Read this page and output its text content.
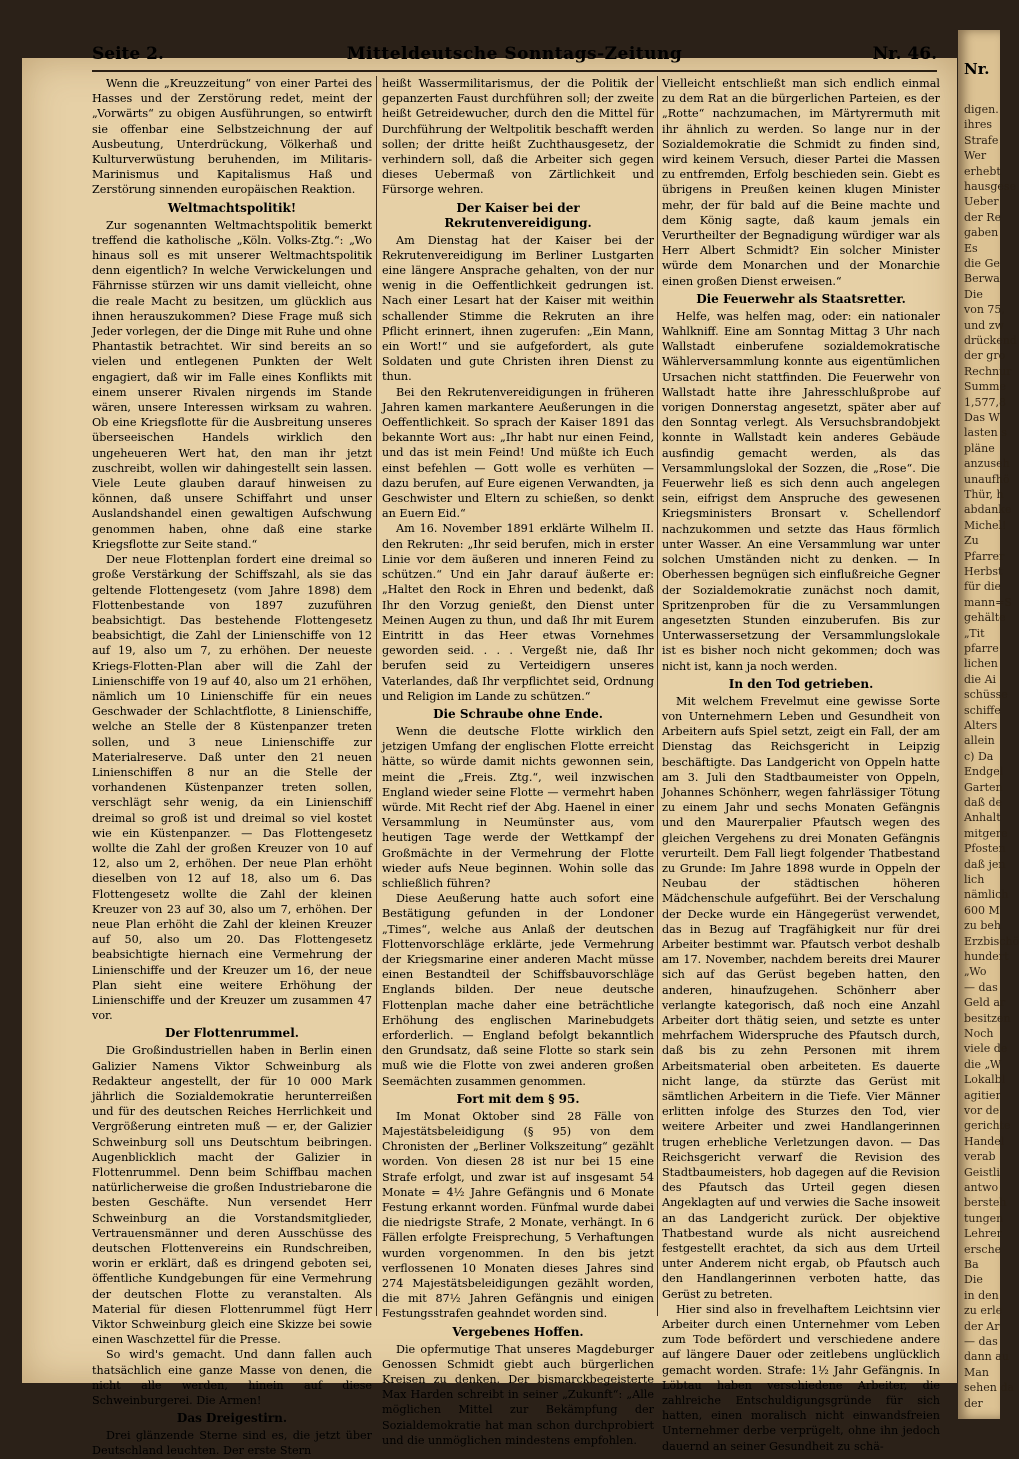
Nr.
digen.
ihres
Strafe
Wer
erhebt
hausgese
Ueber
der Re
gaben
Es
die Ge
Berwa
Die
von 75,
und zw
drückend
der gro
Rechnur
Summe
1,577,8
Das W
lasten s
pläne
anzuseh
unaufhö
Thür, h
abdanke
Michel!
Zu
Pfarrer
Herbst
für die
mann=S
gehälte
„Tit
pfarre
lichen
die Ai
schüsse
schiffe
Alters
allein
c) Da
Endgel
Garten
daß de
Anhalt
mitgere
Pfosten
daß jen
lich
nämlich
600 M
zu beh
Erzbischö
hundert
„Wo
— das
Geld ar
besitzen
Noch
viele de
die „W
Lokalbl
agitier
vor de
gerichte
Handel
verab
Geistli
antwo
bersteh
tungen
Lehrer
ersche
Ba
Die
in den
zu erle
der Ar
— das
dann au
Man
sehen da
der
Seite 2.	Mitteldeutsche Sonntags-Zeitung	Nr. 46.

Wenn die „Kreuzzeitung“ von einer Partei des Hasses und der Zerstörung redet, meint der „Vorwärts“ zu obigen Ausführungen, so entwirft sie offenbar eine Selbstzeichnung der auf Ausbeutung, Unterdrückung, Völkerhaß und Kulturverwüstung beruhenden, im Militaris- Marinismus und Kapitalismus Haß und Zerstörung sinnenden europäischen Reaktion.

Weltmachtspolitik!

Zur sogenannten Weltmachtspolitik bemerkt treffend die katholische „Köln. Volks-Ztg.“: „Wo hinaus soll es mit unserer Weltmachtspolitik denn eigentlich? In welche Verwickelungen und Fährnisse stürzen wir uns damit vielleicht, ohne die reale Macht zu besitzen, um glücklich aus ihnen herauszukommen? Diese Frage muß sich Jeder vorlegen, der die Dinge mit Ruhe und ohne Phantastik betrachtet. Wir sind bereits an so vielen und entlegenen Punkten der Welt engagiert, daß wir im Falle eines Konflikts mit einem unserer Rivalen nirgends im Stande wären, unsere Interessen wirksam zu wahren. Ob eine Kriegsflotte für die Ausbreitung unseres überseeischen Handels wirklich den ungeheueren Wert hat, den man ihr jetzt zuschreibt, wollen wir dahingestellt sein lassen. Viele Leute glauben darauf hinweisen zu können, daß unsere Schiffahrt und unser Auslandshandel einen gewaltigen Aufschwung genommen haben, ohne daß eine starke Kriegsflotte zur Seite stand.“

Der neue Flottenplan fordert eine dreimal so große Verstärkung der Schiffszahl, als sie das geltende Flottengesetz (vom Jahre 1898) dem Flottenbestande von 1897 zuzuführen beabsichtigt. Das bestehende Flottengesetz beabsichtigt, die Zahl der Linienschiffe von 12 auf 19, also um 7, zu erhöhen. Der neueste Kriegs-Flotten-Plan aber will die Zahl der Linienschiffe von 19 auf 40, also um 21 erhöhen, nämlich um 10 Linienschiffe für ein neues Geschwader der Schlachtflotte, 8 Linienschiffe, welche an Stelle der 8 Küstenpanzer treten sollen, und 3 neue Linienschiffe zur Materialreserve. Daß unter den 21 neuen Linienschiffen 8 nur an die Stelle der vorhandenen Küstenpanzer treten sollen, verschlägt sehr wenig, da ein Linienschiff dreimal so groß ist und dreimal so viel kostet wie ein Küstenpanzer. — Das Flottengesetz wollte die Zahl der großen Kreuzer von 10 auf 12, also um 2, erhöhen. Der neue Plan erhöht dieselben von 12 auf 18, also um 6. Das Flottengesetz wollte die Zahl der kleinen Kreuzer von 23 auf 30, also um 7, erhöhen. Der neue Plan erhöht die Zahl der kleinen Kreuzer auf 50, also um 20. Das Flottengesetz beabsichtigte hiernach eine Vermehrung der Linienschiffe und der Kreuzer um 16, der neue Plan sieht eine weitere Erhöhung der Linienschiffe und der Kreuzer um zusammen 47 vor.

Der Flottenrummel.

Die Großindustriellen haben in Berlin einen Galizier Namens Viktor Schweinburg als Redakteur angestellt, der für 10 000 Mark jährlich die Sozialdemokratie herunterreißen und für des deutschen Reiches Herrlichkeit und Vergrößerung eintreten muß — er, der Galizier Schweinburg soll uns Deutschtum beibringen. Augenblicklich macht der Galizier in Flottenrummel. Denn beim Schiffbau machen natürlicherweise die großen Industriebarone die besten Geschäfte. Nun versendet Herr Schweinburg an die Vorstandsmitglieder, Vertrauensmänner und deren Ausschüsse des deutschen Flottenvereins ein Rundschreiben, worin er erklärt, daß es dringend geboten sei, öffentliche Kundgebungen für eine Vermehrung der deutschen Flotte zu veranstalten. Als Material für diesen Flottenrummel fügt Herr Viktor Schweinburg gleich eine Skizze bei sowie einen Waschzettel für die Presse.

So wird's gemacht. Und dann fallen auch thatsächlich eine ganze Masse von denen, die nicht alle werden, hinein auf diese Schweinburgerei. Die Armen!

Das Dreigestirn.

Drei glänzende Sterne sind es, die jetzt über Deutschland leuchten. Der erste Stern

heißt Wassermilitarismus, der die Politik der gepanzerten Faust durchführen soll; der zweite heißt Getreidewucher, durch den die Mittel für Durchführung der Weltpolitik beschafft werden sollen; der dritte heißt Zuchthausgesetz, der verhindern soll, daß die Arbeiter sich gegen dieses Uebermaß von Zärtlichkeit und Fürsorge wehren.

Der Kaiser bei der Rekrutenvereidigung.

Am Dienstag hat der Kaiser bei der Rekrutenvereidigung im Berliner Lustgarten eine längere Ansprache gehalten, von der nur wenig in die Oeffentlichkeit gedrungen ist. Nach einer Lesart hat der Kaiser mit weithin schallender Stimme die Rekruten an ihre Pflicht erinnert, ihnen zugerufen: „Ein Mann, ein Wort!“ und sie aufgefordert, als gute Soldaten und gute Christen ihren Dienst zu thun.

Bei den Rekrutenvereidigungen in früheren Jahren kamen markantere Aeußerungen in die Oeffentlichkeit. So sprach der Kaiser 1891 das bekannte Wort aus: „Ihr habt nur einen Feind, und das ist mein Feind! Und müßte ich Euch einst befehlen — Gott wolle es verhüten — dazu berufen, auf Eure eigenen Verwandten, ja Geschwister und Eltern zu schießen, so denkt an Euern Eid.“

Am 16. November 1891 erklärte Wilhelm II. den Rekruten: „Ihr seid berufen, mich in erster Linie vor dem äußeren und inneren Feind zu schützen.“ Und ein Jahr darauf äußerte er: „Haltet den Rock in Ehren und bedenkt, daß Ihr den Vorzug genießt, den Dienst unter Meinen Augen zu thun, und daß Ihr mit Eurem Eintritt in das Heer etwas Vornehmes geworden seid. . . . Vergeßt nie, daß Ihr berufen seid zu Verteidigern unseres Vaterlandes, daß Ihr verpflichtet seid, Ordnung und Religion im Lande zu schützen.“

Die Schraube ohne Ende.

Wenn die deutsche Flotte wirklich den jetzigen Umfang der englischen Flotte erreicht hätte, so würde damit nichts gewonnen sein, meint die „Freis. Ztg.“, weil inzwischen England wieder seine Flotte — vermehrt haben würde. Mit Recht rief der Abg. Haenel in einer Versammlung in Neumünster aus, vom heutigen Tage werde der Wettkampf der Großmächte in der Vermehrung der Flotte wieder aufs Neue beginnen. Wohin solle das schließlich führen?

Diese Aeußerung hatte auch sofort eine Bestätigung gefunden in der Londoner „Times“, welche aus Anlaß der deutschen Flottenvorschläge erklärte, jede Vermehrung der Kriegsmarine einer anderen Macht müsse einen Bestandteil der Schiffsbauvorschläge Englands bilden. Der neue deutsche Flottenplan mache daher eine beträchtliche Erhöhung des englischen Marinebudgets erforderlich. — England befolgt bekanntlich den Grundsatz, daß seine Flotte so stark sein muß wie die Flotte von zwei anderen großen Seemächten zusammen genommen.

Fort mit dem § 95.

Im Monat Oktober sind 28 Fälle von Majestätsbeleidigung (§ 95) von dem Chronisten der „Berliner Volkszeitung“ gezählt worden. Von diesen 28 ist nur bei 15 eine Strafe erfolgt, und zwar ist auf insgesamt 54 Monate = 4½ Jahre Gefängnis und 6 Monate Festung erkannt worden. Fünfmal wurde dabei die niedrigste Strafe, 2 Monate, verhängt. In 6 Fällen erfolgte Freisprechung, 5 Verhaftungen wurden vorgenommen. In den bis jetzt verflossenen 10 Monaten dieses Jahres sind 274 Majestätsbeleidigungen gezählt worden, die mit 87½ Jahren Gefängnis und einigen Festungsstrafen geahndet worden sind.

Vergebenes Hoffen.

Die opfermutige That unseres Magdeburger Genossen Schmidt giebt auch bürgerlichen Kreisen zu denken. Der bismarckbegeisterte Max Harden schreibt in seiner „Zukunft“: „Alle möglichen Mittel zur Bekämpfung der Sozialdemokratie hat man schon durchprobiert und die unmöglichen mindestens empfohlen.

Vielleicht entschließt man sich endlich einmal zu dem Rat an die bürgerlichen Parteien, es der „Rotte“ nachzumachen, im Märtyrermuth mit ihr ähnlich zu werden. So lange nur in der Sozialdemokratie die Schmidt zu finden sind, wird keinem Versuch, dieser Partei die Massen zu entfremden, Erfolg beschieden sein. Giebt es übrigens in Preußen keinen klugen Minister mehr, der für bald auf die Beine machte und dem König sagte, daß kaum jemals ein Verurtheilter der Begnadigung würdiger war als Herr Albert Schmidt? Ein solcher Minister würde dem Monarchen und der Monarchie einen großen Dienst erweisen.“

Die Feuerwehr als Staatsretter.

Helfe, was helfen mag, oder: ein nationaler Wahlkniff. Eine am Sonntag Mittag 3 Uhr nach Wallstadt einberufene sozialdemokratische Wählerversammlung konnte aus eigentümlichen Ursachen nicht stattfinden. Die Feuerwehr von Wallstadt hatte ihre Jahresschlußprobe auf vorigen Donnerstag angesetzt, später aber auf den Sonntag verlegt. Als Versuchsbrandobjekt konnte in Wallstadt kein anderes Gebäude ausfindig gemacht werden, als das Versammlungslokal der Sozzen, die „Rose“. Die Feuerwehr ließ es sich denn auch angelegen sein, eifrigst dem Anspruche des gewesenen Kriegsministers Bronsart v. Schellendorf nachzukommen und setzte das Haus förmlich unter Wasser. An eine Versammlung war unter solchen Umständen nicht zu denken. — In Oberhessen begnügen sich einflußreiche Gegner der Sozialdemokratie zunächst noch damit, Spritzenproben für die zu Versammlungen angesetzten Stunden einzuberufen. Bis zur Unterwassersetzung der Versammlungslokale ist es bisher noch nicht gekommen; doch was nicht ist, kann ja noch werden.

In den Tod getrieben.

Mit welchem Frevelmut eine gewisse Sorte von Unternehmern Leben und Gesundheit von Arbeitern aufs Spiel setzt, zeigt ein Fall, der am Dienstag das Reichsgericht in Leipzig beschäftigte. Das Landgericht von Oppeln hatte am 3. Juli den Stadtbaumeister von Oppeln, Johannes Schönherr, wegen fahrlässiger Tötung zu einem Jahr und sechs Monaten Gefängnis und den Maurerpalier Pfautsch wegen des gleichen Vergehens zu drei Monaten Gefängnis verurteilt. Dem Fall liegt folgender Thatbestand zu Grunde: Im Jahre 1898 wurde in Oppeln der Neubau der städtischen höheren Mädchenschule aufgeführt. Bei der Verschalung der Decke wurde ein Hängegerüst verwendet, das in Bezug auf Tragfähigkeit nur für drei Arbeiter bestimmt war. Pfautsch verbot deshalb am 17. November, nachdem bereits drei Maurer sich auf das Gerüst begeben hatten, den anderen, hinaufzugehen. Schönherr aber verlangte kategorisch, daß noch eine Anzahl Arbeiter dort thätig seien, und setzte es unter mehrfachem Widerspruche des Pfautsch durch, daß bis zu zehn Personen mit ihrem Arbeitsmaterial oben arbeiteten. Es dauerte nicht lange, da stürzte das Gerüst mit sämtlichen Arbeitern in die Tiefe. Vier Männer erlitten infolge des Sturzes den Tod, vier weitere Arbeiter und zwei Handlangerinnen trugen erhebliche Verletzungen davon. — Das Reichsgericht verwarf die Revision des Stadtbaumeisters, hob dagegen auf die Revision des Pfautsch das Urteil gegen diesen Angeklagten auf und verwies die Sache insoweit an das Landgericht zurück. Der objektive Thatbestand wurde als nicht ausreichend festgestellt erachtet, da sich aus dem Urteil unter Anderem nicht ergab, ob Pfautsch auch den Handlangerinnen verboten hatte, das Gerüst zu betreten.

Hier sind also in frevelhaftem Leichtsinn vier Arbeiter durch einen Unternehmer vom Leben zum Tode befördert und verschiedene andere auf längere Dauer oder zeitlebens unglücklich gemacht worden. Strafe: 1½ Jahr Gefängnis. In Löbtau haben verschiedene Arbeiter, die zahlreiche Entschuldigungsgründe für sich hatten, einen moralisch nicht einwandsfreien Unternehmer derbe verprügelt, ohne ihn jedoch dauernd an seiner Gesundheit zu schä-
